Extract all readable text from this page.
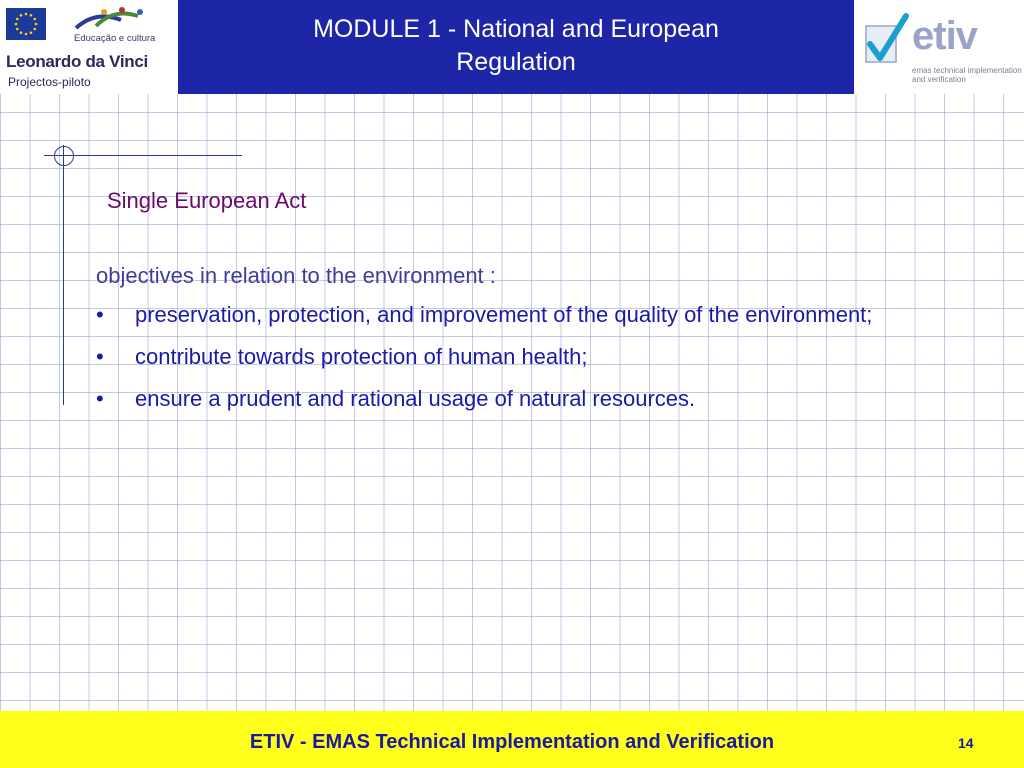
Educação e cultura
Leonardo da Vinci
Projectos-piloto
MODULE 1 - National and European
Regulation
etiv
emas technical implementation and verification
Single European Act

objectives in relation to the environment :

• preservation, protection, and improvement of the quality of the environment;
• contribute towards protection of human health;
• ensure a prudent and rational usage of natural resources.
ETIV - EMAS Technical Implementation and Verification	14
